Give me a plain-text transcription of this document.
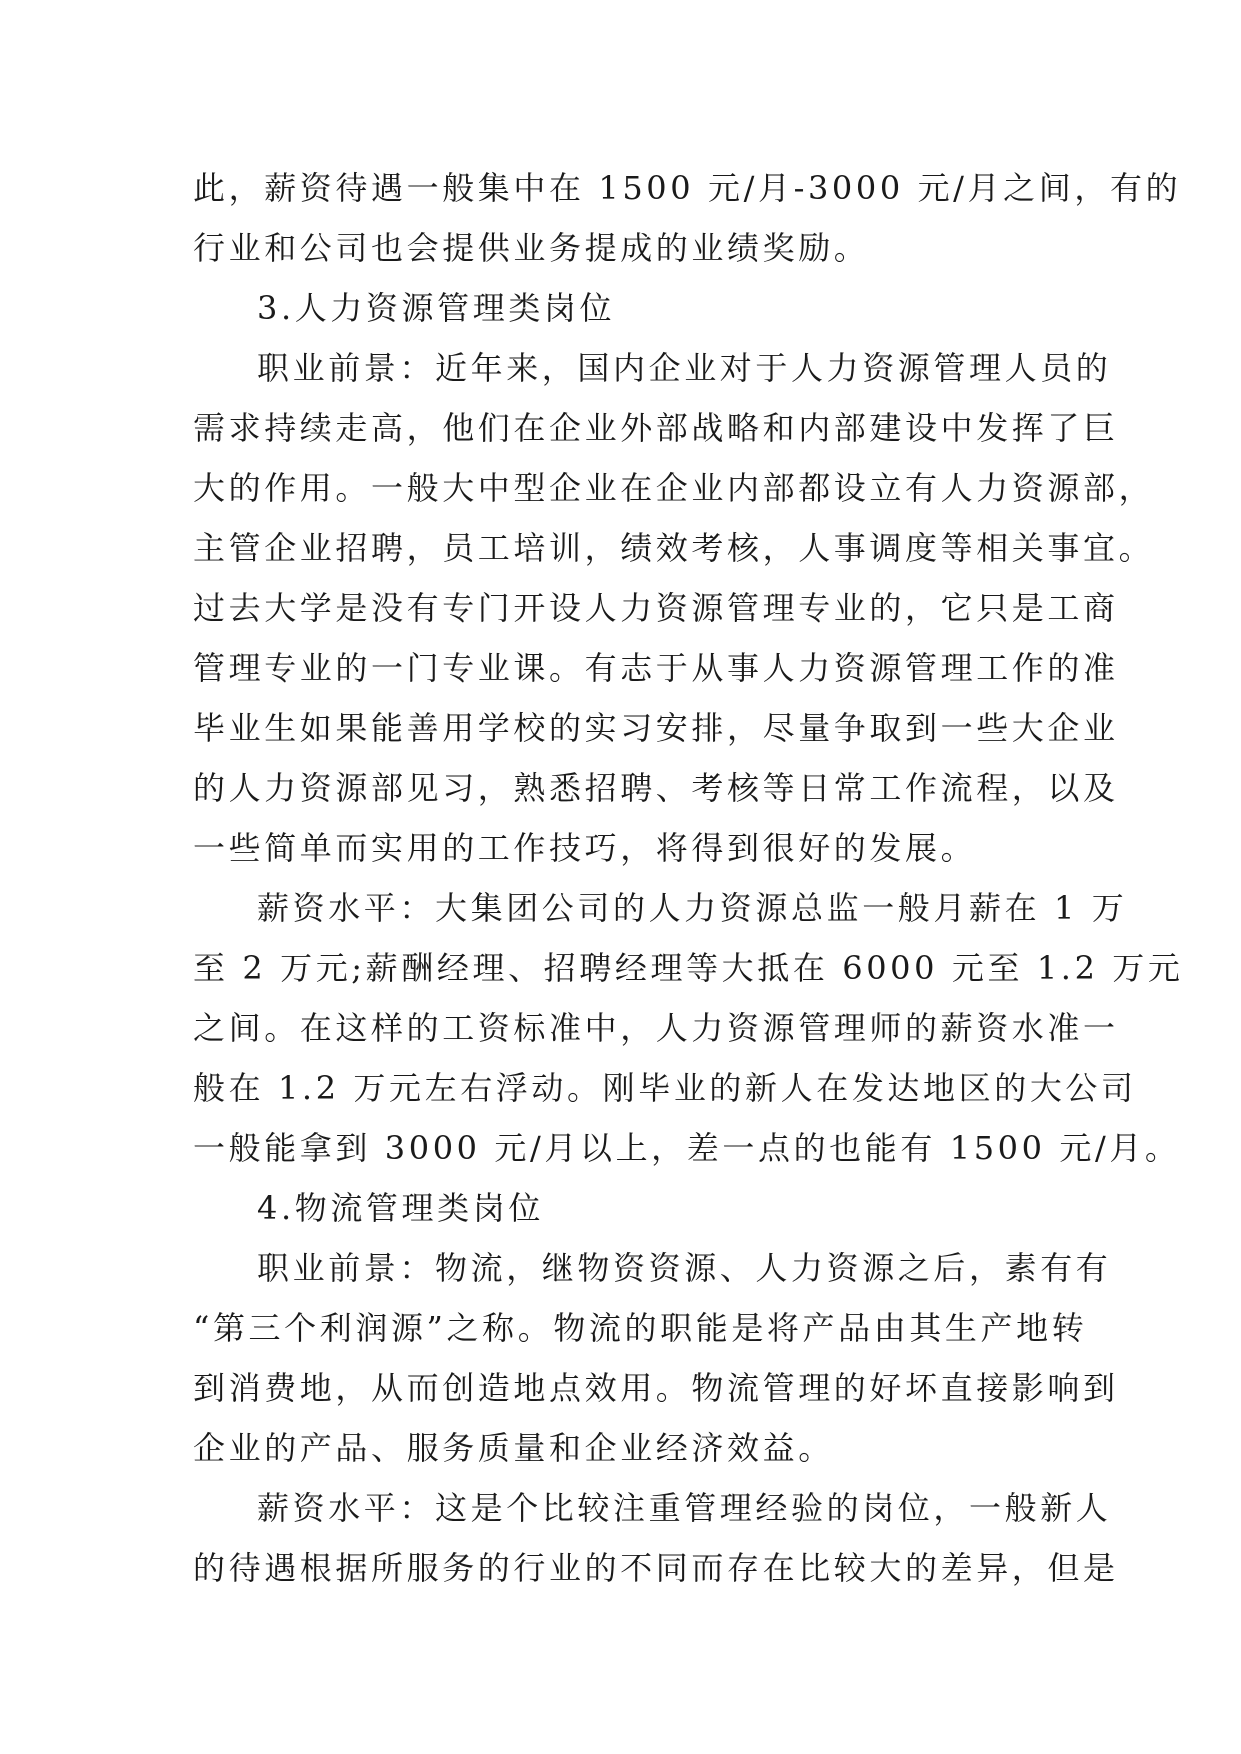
此，薪资待遇一般集中在 1500 元/月-3000 元/月之间，有的
行业和公司也会提供业务提成的业绩奖励。
3.人力资源管理类岗位
职业前景：近年来，国内企业对于人力资源管理人员的
需求持续走高，他们在企业外部战略和内部建设中发挥了巨
大的作用。一般大中型企业在企业内部都设立有人力资源部，
主管企业招聘，员工培训，绩效考核，人事调度等相关事宜。
过去大学是没有专门开设人力资源管理专业的，它只是工商
管理专业的一门专业课。有志于从事人力资源管理工作的准
毕业生如果能善用学校的实习安排，尽量争取到一些大企业
的人力资源部见习，熟悉招聘、考核等日常工作流程，以及
一些简单而实用的工作技巧，将得到很好的发展。
薪资水平：大集团公司的人力资源总监一般月薪在 1 万
至 2 万元;薪酬经理、招聘经理等大抵在 6000 元至 1.2 万元
之间。在这样的工资标准中，人力资源管理师的薪资水准一
般在 1.2 万元左右浮动。刚毕业的新人在发达地区的大公司
一般能拿到 3000 元/月以上，差一点的也能有 1500 元/月。
4.物流管理类岗位
职业前景：物流，继物资资源、人力资源之后，素有有
“第三个利润源”之称。物流的职能是将产品由其生产地转
到消费地，从而创造地点效用。物流管理的好坏直接影响到
企业的产品、服务质量和企业经济效益。
薪资水平：这是个比较注重管理经验的岗位，一般新人
的待遇根据所服务的行业的不同而存在比较大的差异，但是
